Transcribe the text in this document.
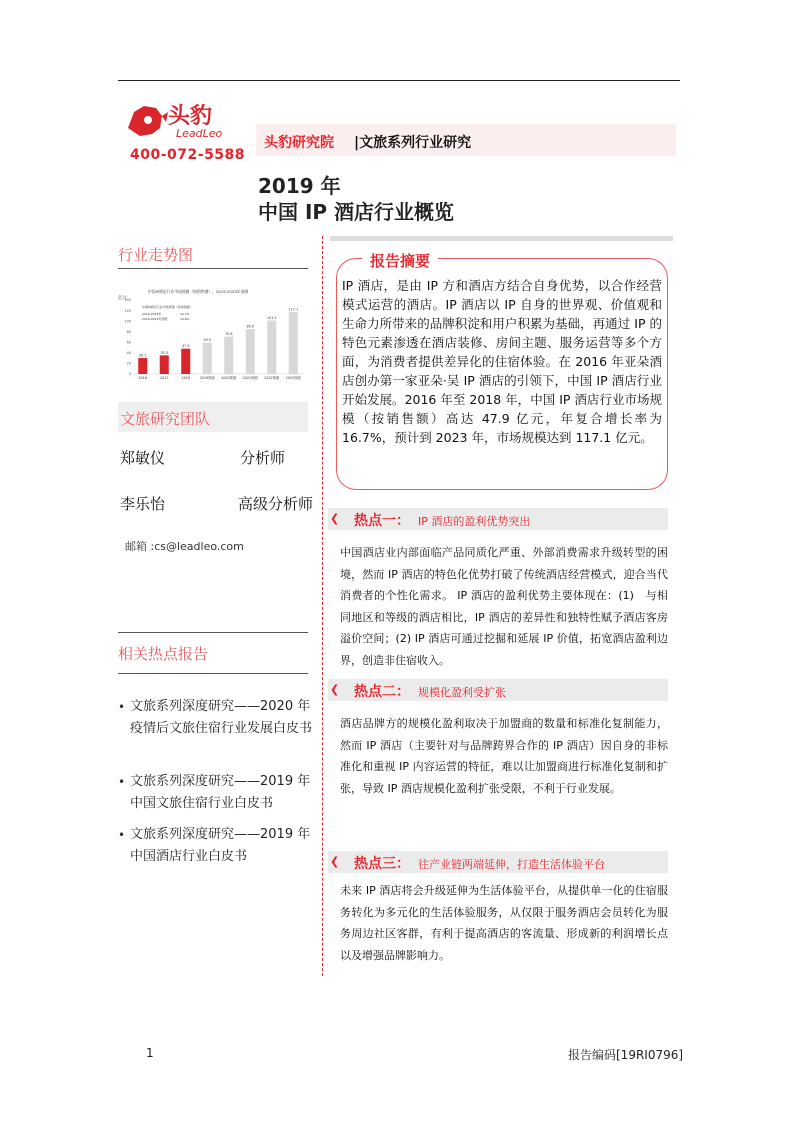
头豹
LeadLeo
400-072-5588
头豹研究院 |文旅系列行业研究
2019 年
中国 IP 酒店行业概览
行业走势图
中国IP酒店行业市场规模（按销售额），2016-2023年预测
亿元
中国IP酒店行业市场规模（按销售额）
2016-2018年	16.7%
2019-2023年预测	19.6%
0
20
40
60
80
100
120
140
30.2
2016
35.3
2017
47.9
2018
59.5
2019预测
70.8
2020预测
85.0
2021预测
101.2
2022预测
117.1
2023预测
文旅研究团队
郑敏仪	分析师
李乐怡	高级分析师
邮箱 :cs@leadleo.com
相关热点报告
• 文旅系列深度研究——2020 年疫情后文旅住宿行业发展白皮书
• 文旅系列深度研究——2019 年中国文旅住宿行业白皮书
• 文旅系列深度研究——2019 年中国酒店行业白皮书
报告摘要
IP 酒店，是由 IP 方和酒店方结合自身优势，以合作经营模式运营的酒店。IP 酒店以 IP 自身的世界观、价值观和生命力所带来的品牌积淀和用户积累为基础，再通过 IP 的特色元素渗透在酒店装修、房间主题、服务运营等多个方面，为消费者提供差异化的住宿体验。在 2016 年亚朵酒店创办第一家亚朵·吴 IP 酒店的引领下，中国 IP 酒店行业开始发展。2016 年至 2018 年，中国 IP 酒店行业市场规模（按销售额）高达 47.9 亿元，年复合增长率为 16.7%，预计到 2023 年，市场规模达到 117.1 亿元。
❮ 热点一： IP 酒店的盈利优势突出
中国酒店业内部面临产品同质化严重、外部消费需求升级转型的困境，然而 IP 酒店的特色化优势打破了传统酒店经营模式，迎合当代消费者的个性化需求。 IP 酒店的盈利优势主要体现在：(1)　与相同地区和等级的酒店相比，IP 酒店的差异性和独特性赋予酒店客房溢价空间；(2) IP 酒店可通过挖掘和延展 IP 价值，拓宽酒店盈利边界，创造非住宿收入。
❮ 热点二： 规模化盈利受扩张
酒店品牌方的规模化盈利取决于加盟商的数量和标准化复制能力，然而 IP 酒店（主要针对与品牌跨界合作的 IP 酒店）因自身的非标准化和重视 IP 内容运营的特征，难以让加盟商进行标准化复制和扩张，导致 IP 酒店规模化盈利扩张受限，不利于行业发展。
❮ 热点三： 往产业链两端延伸，打造生活体验平台
未来 IP 酒店将会升级延伸为生活体验平台，从提供单一化的住宿服务转化为多元化的生活体验服务，从仅限于服务酒店会员转化为服务周边社区客群，有利于提高酒店的客流量、形成新的利润增长点以及增强品牌影响力。
1	报告编码[19RI0796]
